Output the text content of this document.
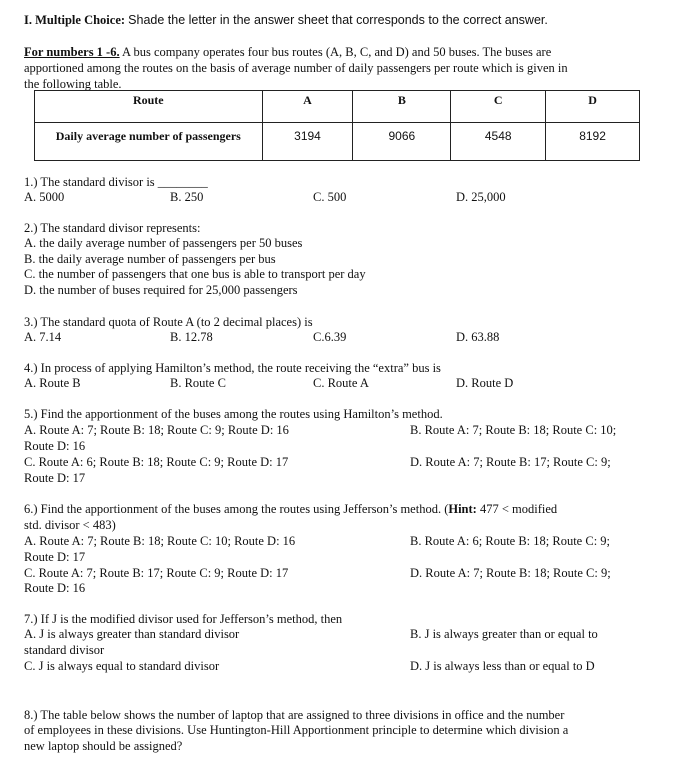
I. Multiple Choice: Shade the letter in the answer sheet that corresponds to the correct answer.
For numbers 1 -6. A bus company operates four bus routes (A, B, C, and D) and 50 buses. The buses are
apportioned among the routes on the basis of average number of daily passengers per route which is given in
the following table.
Route	A	B	C	D
Daily average number of passengers	3194	9066	4548	8192
1.) The standard divisor is ________
A. 5000	B. 250	C. 500	D. 25,000
2.) The standard divisor represents:
A. the daily average number of passengers per 50 buses
B. the daily average number of passengers per bus
C. the number of passengers that one bus is able to transport per day
D. the number of buses required for 25,000 passengers
3.) The standard quota of Route A (to 2 decimal places) is
A. 7.14	B. 12.78	C.6.39	D. 63.88
4.) In process of applying Hamilton’s method, the route receiving the “extra” bus is
A. Route B	B. Route C	C. Route A	D. Route D
5.) Find the apportionment of the buses among the routes using Hamilton’s method.
A. Route A: 7; Route B: 18; Route C: 9; Route D: 16	B. Route A: 7; Route B: 18; Route C: 10;
Route D: 16
C. Route A: 6; Route B: 18; Route C: 9; Route D: 17	D. Route A: 7; Route B: 17; Route C: 9;
Route D: 17
6.) Find the apportionment of the buses among the routes using Jefferson’s method. (Hint: 477 < modified
std. divisor < 483)
A. Route A: 7; Route B: 18; Route C: 10; Route D: 16	B. Route A: 6; Route B: 18; Route C: 9;
Route D: 17
C. Route A: 7; Route B: 17; Route C: 9; Route D: 17	D. Route A: 7; Route B: 18; Route C: 9;
Route D: 16
7.) If J is the modified divisor used for Jefferson’s method, then
A. J is always greater than standard divisor	B. J is always greater than or equal to
standard divisor
C. J is always equal to standard divisor	D. J is always less than or equal to D
8.) The table below shows the number of laptop that are assigned to three divisions in office and the number
of employees in these divisions. Use Huntington-Hill Apportionment principle to determine which division a
new laptop should be assigned?
